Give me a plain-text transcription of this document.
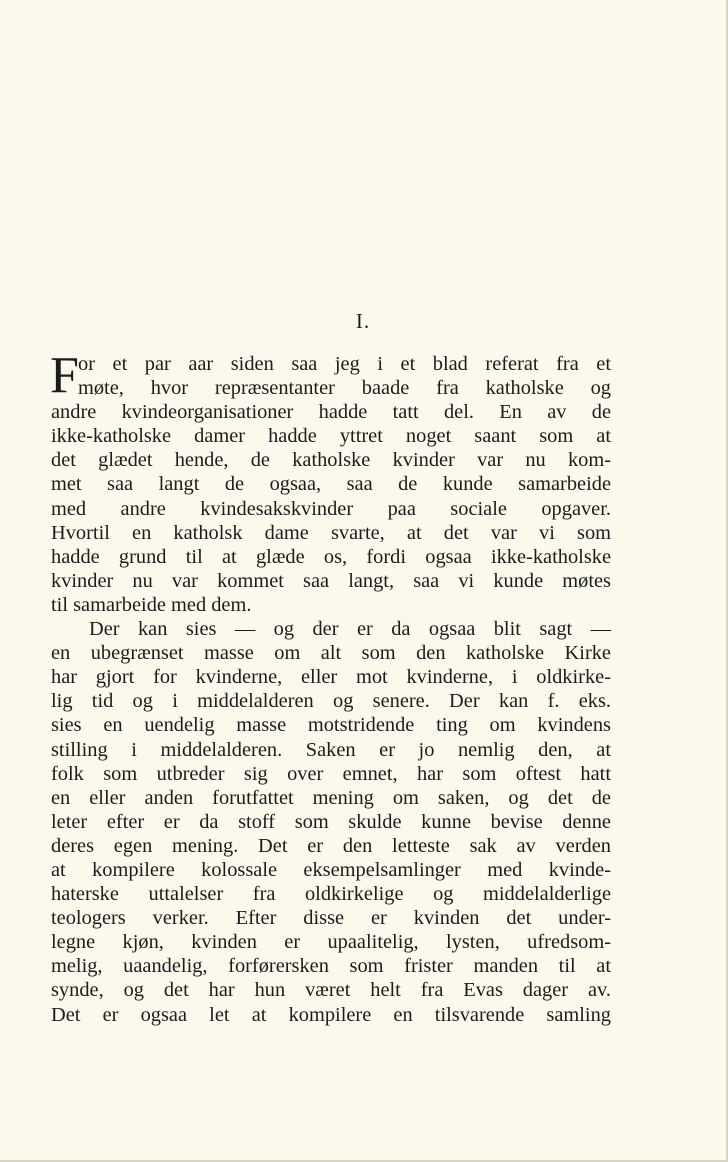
I.
F or et par aar siden saa jeg i et blad referat fra et
møte, hvor repræsentanter baade fra katholske og
andre kvindeorganisationer hadde tatt del. En av de
ikke-katholske damer hadde yttret noget saant som at
det glædet hende, de katholske kvinder var nu kom-
met saa langt de ogsaa, saa de kunde samarbeide
med andre kvindesakskvinder paa sociale opgaver.
Hvortil en katholsk dame svarte, at det var vi som
hadde grund til at glæde os, fordi ogsaa ikke-katholske
kvinder nu var kommet saa langt, saa vi kunde møtes
til samarbeide med dem.
Der kan sies — og der er da ogsaa blit sagt —
en ubegrænset masse om alt som den katholske Kirke
har gjort for kvinderne, eller mot kvinderne, i oldkirke-
lig tid og i middelalderen og senere. Der kan f. eks.
sies en uendelig masse motstridende ting om kvindens
stilling i middelalderen. Saken er jo nemlig den, at
folk som utbreder sig over emnet, har som oftest hatt
en eller anden forutfattet mening om saken, og det de
leter efter er da stoff som skulde kunne bevise denne
deres egen mening. Det er den letteste sak av verden
at kompilere kolossale eksempelsamlinger med kvinde-
haterske uttalelser fra oldkirkelige og middelalderlige
teologers verker. Efter disse er kvinden det under-
legne kjøn, kvinden er upaalitelig, lysten, ufredsom-
melig, uaandelig, forførersken som frister manden til at
synde, og det har hun været helt fra Evas dager av.
Det er ogsaa let at kompilere en tilsvarende samling
